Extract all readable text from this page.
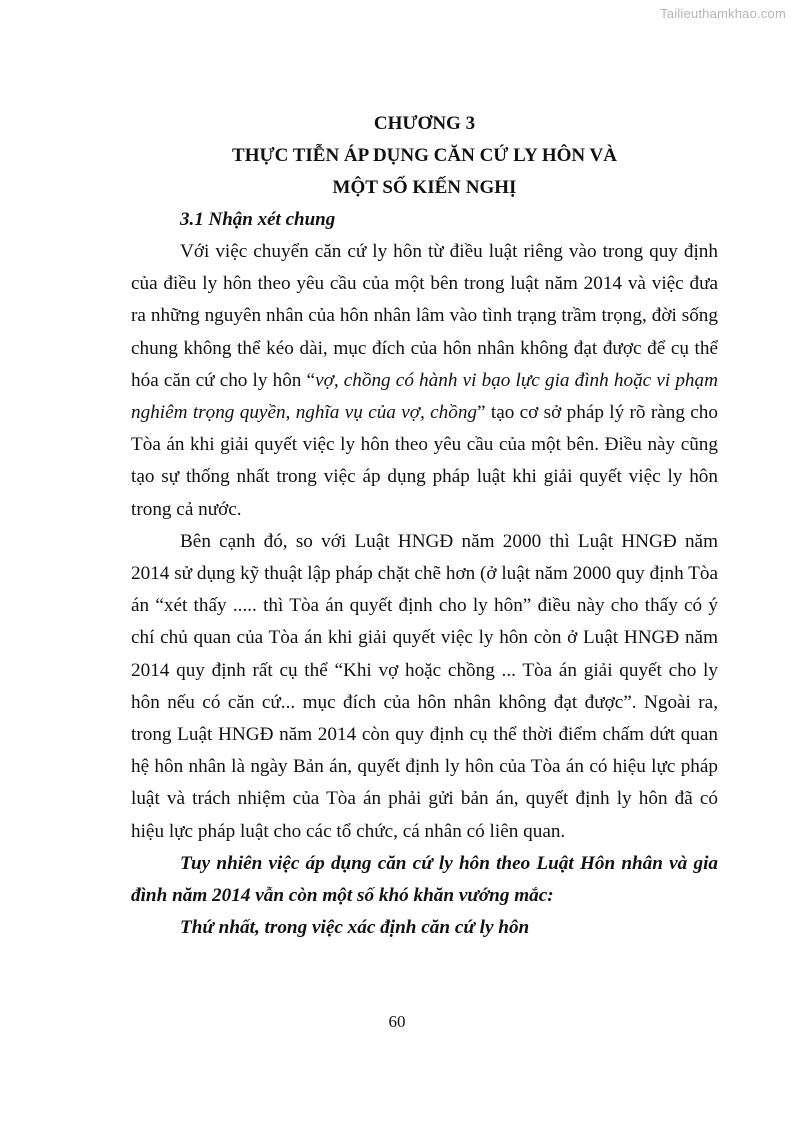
Tailieuthamkhao.com

CHƯƠNG 3

THỰC TIỄN ÁP DỤNG CĂN CỨ LY HÔN VÀ

MỘT SỐ KIẾN NGHỊ

3.1 Nhận xét chung

Với việc chuyển căn cứ ly hôn từ điều luật riêng vào trong quy định của điều ly hôn theo yêu cầu của một bên trong luật năm 2014 và việc đưa ra những nguyên nhân của hôn nhân lâm vào tình trạng trầm trọng, đời sống chung không thể kéo dài, mục đích của hôn nhân không đạt được để cụ thể hóa căn cứ cho ly hôn “vợ, chồng có hành vi bạo lực gia đình hoặc vi phạm nghiêm trọng quyền, nghĩa vụ của vợ, chồng” tạo cơ sở pháp lý rõ ràng cho Tòa án khi giải quyết việc ly hôn theo yêu cầu của một bên. Điều này cũng tạo sự thống nhất trong việc áp dụng pháp luật khi giải quyết việc ly hôn trong cả nước.

Bên cạnh đó, so với Luật HNGĐ năm 2000 thì Luật HNGĐ năm 2014 sử dụng kỹ thuật lập pháp chặt chẽ hơn (ở luật năm 2000 quy định Tòa án “xét thấy ..... thì Tòa án quyết định cho ly hôn” điều này cho thấy có ý chí chủ quan của Tòa án khi giải quyết việc ly hôn còn ở Luật HNGĐ năm 2014 quy định rất cụ thể “Khi vợ hoặc chồng ... Tòa án giải quyết cho ly hôn nếu có căn cứ... mục đích của hôn nhân không đạt được”. Ngoài ra, trong Luật HNGĐ năm 2014 còn quy định cụ thể thời điểm chấm dứt quan hệ hôn nhân là ngày Bản án, quyết định ly hôn của Tòa án có hiệu lực pháp luật và trách nhiệm của Tòa án phải gửi bản án, quyết định ly hôn đã có hiệu lực pháp luật cho các tổ chức, cá nhân có liên quan.

Tuy nhiên việc áp dụng căn cứ ly hôn theo Luật Hôn nhân và gia đình năm 2014 vẫn còn một số khó khăn vướng mắc:

Thứ nhất, trong việc xác định căn cứ ly hôn

60
